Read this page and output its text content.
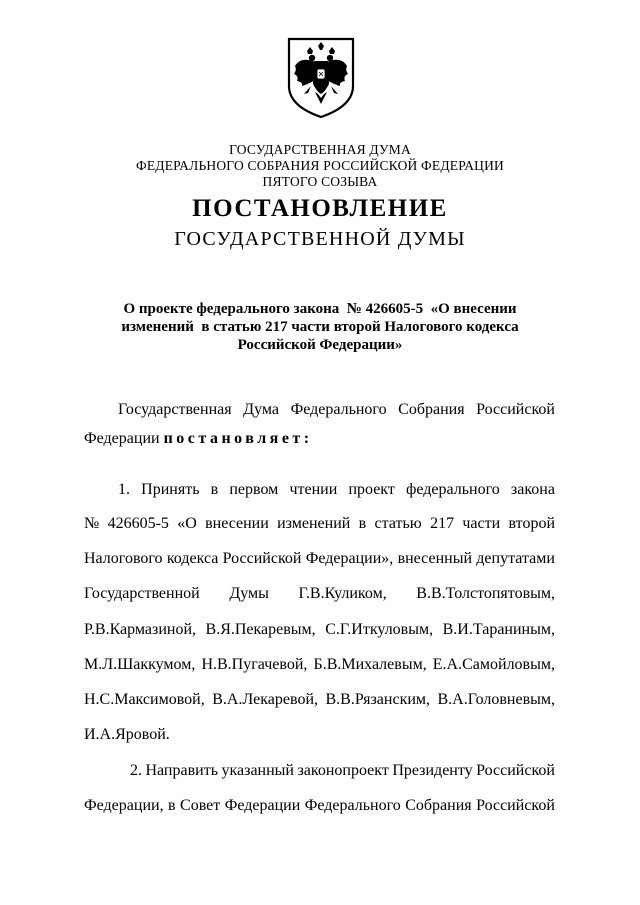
ГОСУДАРСТВЕННАЯ ДУМА
ФЕДЕРАЛЬНОГО СОБРАНИЯ РОССИЙСКОЙ ФЕДЕРАЦИИ
ПЯТОГО СОЗЫВА
ПОСТАНОВЛЕНИЕ
ГОСУДАРСТВЕННОЙ ДУМЫ
О проекте федерального закона  № 426605-5  «О внесении
изменений  в статью 217 части второй Налогового кодекса
Российской Федерации»
Государственная Дума Федерального Собрания Российской
Федерации постановляет:
1. Принять в первом чтении проект федерального закона
№ 426605-5 «О внесении изменений в статью 217 части второй
Налогового кодекса Российской Федерации», внесенный депутатами
Государственной Думы Г.В.Куликом, В.В.Толстопятовым,
Р.В.Кармазиной, В.Я.Пекаревым, С.Г.Иткуловым, В.И.Тараниным,
М.Л.Шаккумом, Н.В.Пугачевой, Б.В.Михалевым, Е.А.Самойловым,
Н.С.Максимовой, В.А.Лекаревой, В.В.Рязанским, В.А.Головневым,
И.А.Яровой.
2. Направить указанный законопроект Президенту Российской
Федерации, в Совет Федерации Федерального Собрания Российской
